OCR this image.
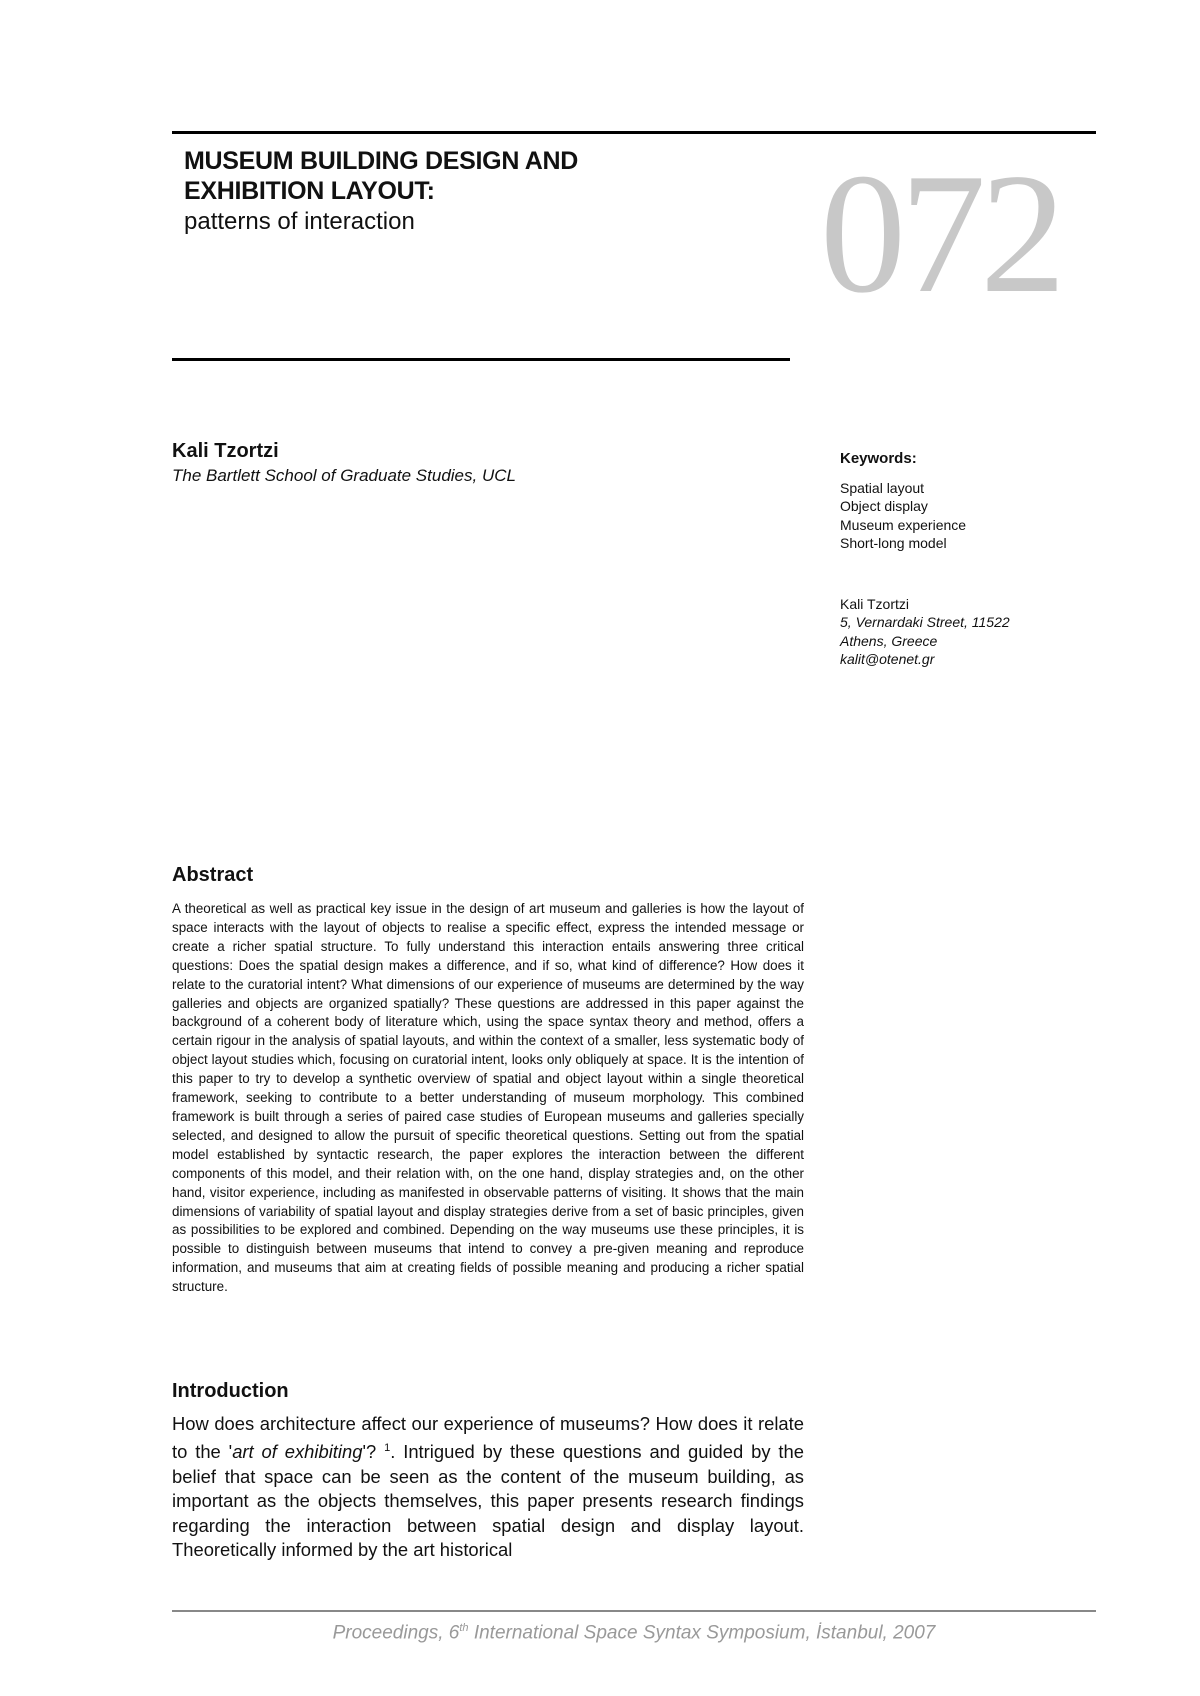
MUSEUM BUILDING DESIGN AND
EXHIBITION LAYOUT:
patterns of interaction	072
Kali Tzortzi
The Bartlett School of Graduate Studies, UCL
Keywords:
Spatial layout
Object display
Museum experience
Short-long model
Kali Tzortzi
5, Vernardaki Street, 11522
Athens, Greece
kalit@otenet.gr
Abstract

A theoretical as well as practical key issue in the design of art museum and galleries is how the layout of space interacts with the layout of objects to realise a specific effect, express the intended message or create a richer spatial structure. To fully understand this interaction entails answering three critical questions: Does the spatial design makes a difference, and if so, what kind of difference? How does it relate to the curatorial intent? What dimensions of our experience of museums are determined by the way galleries and objects are organized spatially? These questions are addressed in this paper against the background of a coherent body of literature which, using the space syntax theory and method, offers a certain rigour in the analysis of spatial layouts, and within the context of a smaller, less systematic body of object layout studies which, focusing on curatorial intent, looks only obliquely at space. It is the intention of this paper to try to develop a synthetic overview of spatial and object layout within a single theoretical framework, seeking to contribute to a better understanding of museum morphology. This combined framework is built through a series of paired case studies of European museums and galleries specially selected, and designed to allow the pursuit of specific theoretical questions. Setting out from the spatial model established by syntactic research, the paper explores the interaction between the different components of this model, and their relation with, on the one hand, display strategies and, on the other hand, visitor experience, including as manifested in observable patterns of visiting. It shows that the main dimensions of variability of spatial layout and display strategies derive from a set of basic principles, given as possibilities to be explored and combined. Depending on the way museums use these principles, it is possible to distinguish between museums that intend to convey a pre-given meaning and reproduce information, and museums that aim at creating fields of possible meaning and producing a richer spatial structure.

Introduction

How does architecture affect our experience of museums? How does it relate to the 'art of exhibiting'? $^1$. Intrigued by these questions and guided by the belief that space can be seen as the content of the museum building, as important as the objects themselves, this paper presents research findings regarding the interaction between spatial design and display layout. Theoretically informed by the art historical

Proceedings, 6th International Space Syntax Symposium, İstanbul, 2007
